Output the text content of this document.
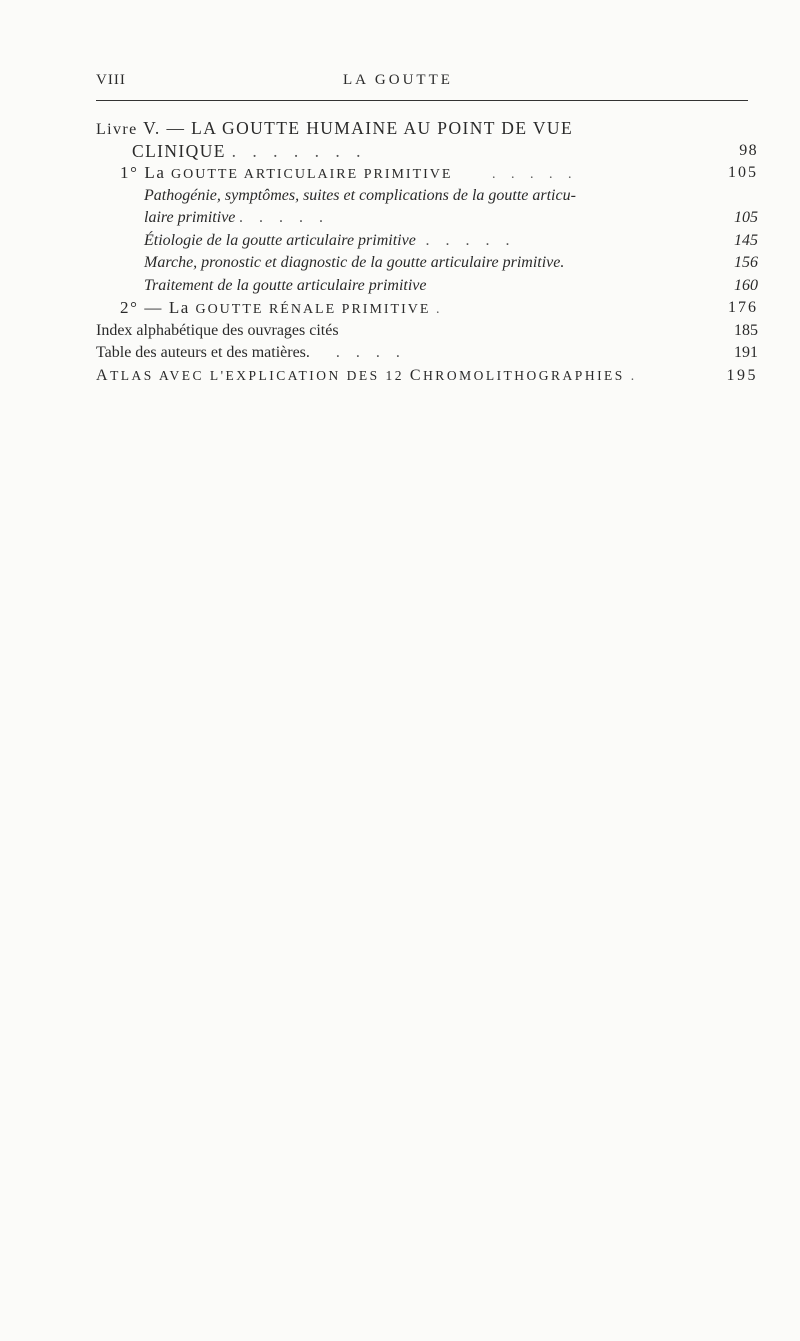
VIII	LA GOUTTE
Livre V. — LA GOUTTE HUMAINE AU POINT DE VUE
CLINIQUE . . . . . . .	98
1° La GOUTTE ARTICULAIRE PRIMITIVE	. . . . .	105
Pathogénie, symptômes, suites et complications de la goutte articu-
laire primitive . . . . .	105
Étiologie de la goutte articulaire primitive . . . . .	145
Marche, pronostic et diagnostic de la goutte articulaire primitive.	156
Traitement de la goutte articulaire primitive	160
2° — La GOUTTE RÉNALE PRIMITIVE .	176
Index alphabétique des ouvrages cités	185
Table des auteurs et des matières. . . . .	191
ATLAS AVEC L'EXPLICATION DES 12 CHROMOLITHOGRAPHIES .	195
